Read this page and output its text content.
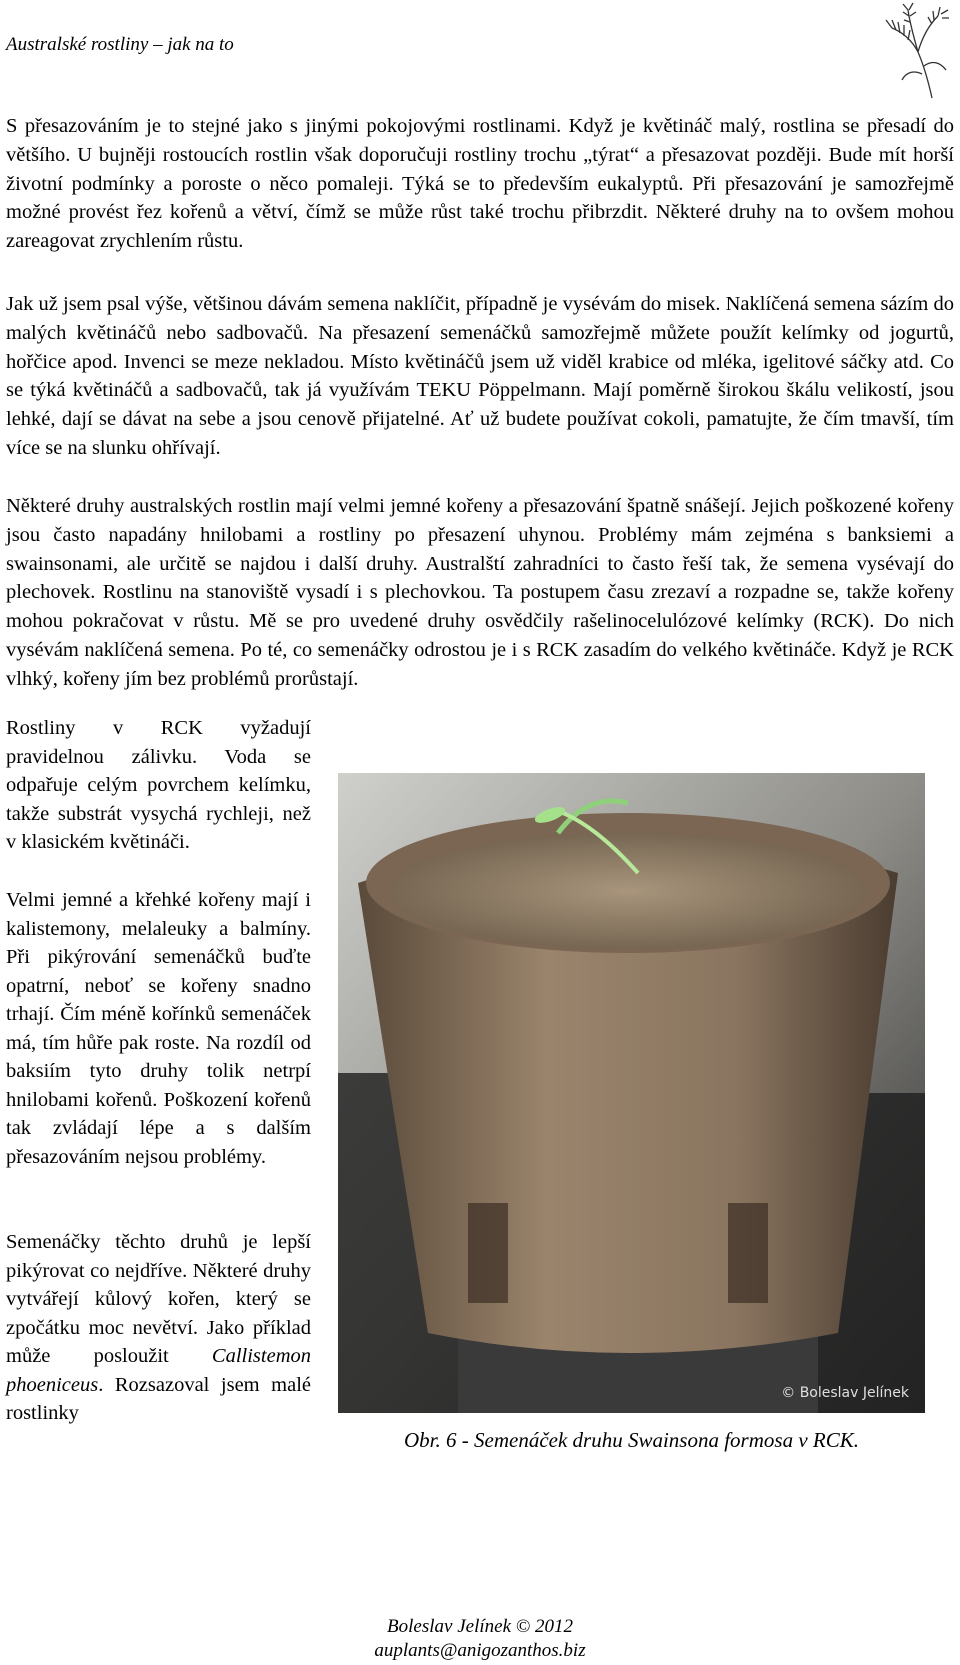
Australské rostliny – jak na to

S přesazováním je to stejné jako s jinými pokojovými rostlinami. Když je květináč malý, rostlina se přesadí do většího. U bujněji rostoucích rostlin však doporučuji rostliny trochu „týrat“ a přesazovat později. Bude mít horší životní podmínky a poroste o něco pomaleji. Týká se to především eukalyptů. Při přesazování je samozřejmě možné provést řez kořenů a větví, čímž se může růst také trochu přibrzdit. Některé druhy na to ovšem mohou zareagovat zrychlením růstu.

Jak už jsem psal výše, většinou dávám semena naklíčit, případně je vysévám do misek. Naklíčená semena sázím do malých květináčů nebo sadbovačů. Na přesazení semenáčků samozřejmě můžete použít kelímky od jogurtů, hořčice apod. Invenci se meze nekladou. Místo květináčů jsem už viděl krabice od mléka, igelitové sáčky atd. Co se týká květináčů a sadbovačů, tak já využívám TEKU Pöppelmann. Mají poměrně širokou škálu velikostí, jsou lehké, dají se dávat na sebe a jsou cenově přijatelné. Ať už budete používat cokoli, pamatujte, že čím tmavší, tím více se na slunku ohřívají.

Některé druhy australských rostlin mají velmi jemné kořeny a přesazování špatně snášejí. Jejich poškozené kořeny jsou často napadány hnilobami a rostliny po přesazení uhynou. Problémy mám zejména s banksiemi a swainsonami, ale určitě se najdou i další druhy. Australští zahradníci to často řeší tak, že semena vysévají do plechovek. Rostlinu na stanoviště vysadí i s plechovkou. Ta postupem času zrezaví a rozpadne se, takže kořeny mohou pokračovat v růstu. Mě se pro uvedené druhy osvědčily rašelinocelulózové kelímky (RCK). Do nich vysévám naklíčená semena. Po té, co semenáčky odrostou je i s RCK zasadím do velkého květináče. Když je RCK vlhký, kořeny jím bez problémů prorůstají.

Rostliny v RCK vyžadují pravidelnou zálivku. Voda se odpařuje celým povrchem kelímku, takže substrát vysychá rychleji, než v klasickém květináči.

Velmi jemné a křehké kořeny mají i kalistemony, melaleuky a balmíny. Při pikýrování semenáčků buďte opatrní, neboť se kořeny snadno trhají. Čím méně kořínků semenáček má, tím hůře pak roste. Na rozdíl od baksiím tyto druhy tolik netrpí hnilobami kořenů. Poškození kořenů tak zvládají lépe a s dalším přesazováním nejsou problémy.

Semenáčky těchto druhů je lepší pikýrovat co nejdříve. Některé druhy vytvářejí kůlový kořen, který se zpočátku moc nevětví. Jako příklad může posloužit Callistemon phoeniceus. Rozsazoval jsem malé rostlinky

© Boleslav Jelínek
Obr. 6 - Semenáček druhu Swainsona formosa v RCK.
Boleslav Jelínek © 2012
auplants@anigozanthos.biz
